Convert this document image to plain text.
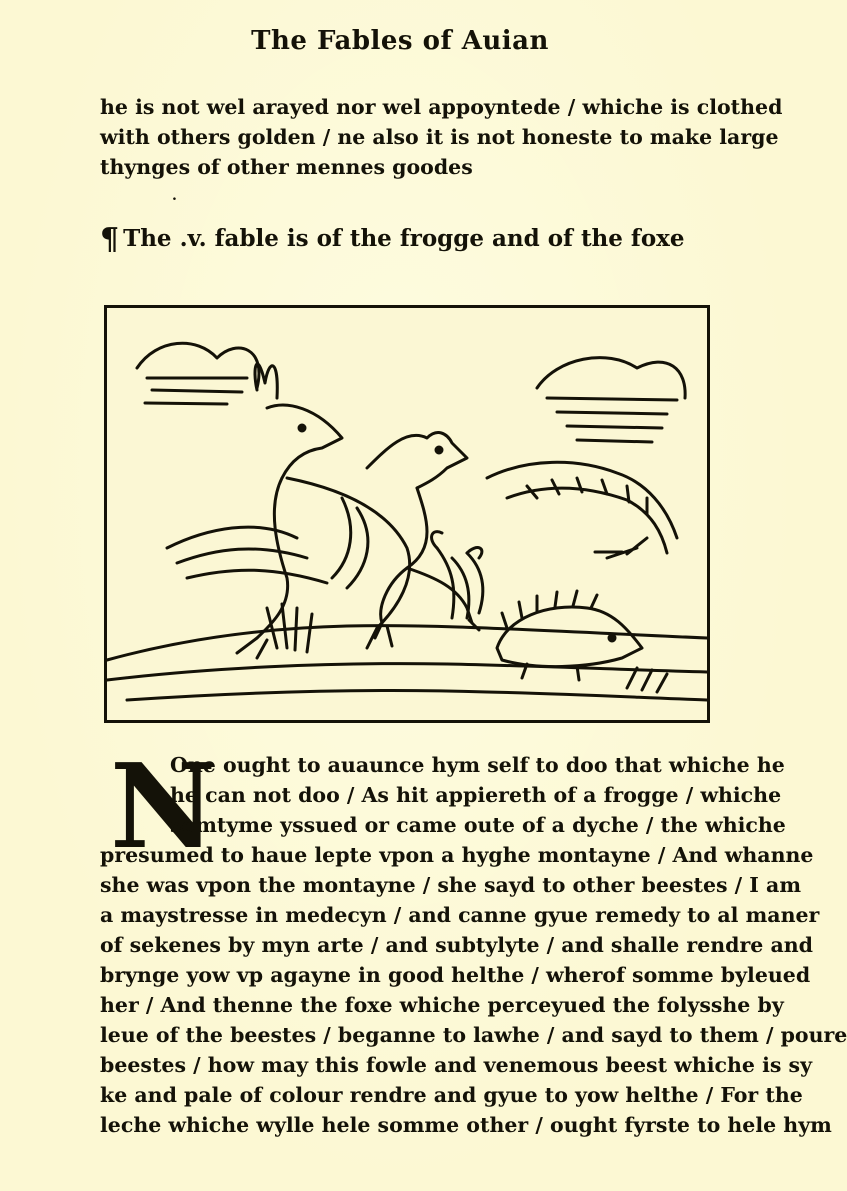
The Fables of Auian
he is not wel arayed nor wel appoyntede / whiche is clothed
with others golden / ne also it is not honeste to make large
thynges of other mennes goodes
.
¶ The .v. fable is of the frogge and of the foxe
N
One ought to auaunce hym self to doo that whiche he
he can not doo / As hit appiereth of a frogge / whiche
somtyme yssued or came oute of a dyche / the whiche
presumed to haue lepte vpon a hyghe montayne / And whanne
she was vpon the montayne / she sayd to other beestes / I am
a maystresse in medecyn / and canne gyue remedy to al maner
of sekenes by myn arte / and subtylyte / and shalle rendre and
brynge yow vp agayne in good helthe / wherof somme byleued
her / And thenne the foxe whiche perceyued the folysshe by
leue of the beestes / beganne to lawhe / and sayd to them / poure
beestes / how may this fowle and venemous beest whiche is sy
ke and pale of colour rendre and gyue to yow helthe / For the
leche whiche wylle hele somme other / ought fyrste to hele hym
